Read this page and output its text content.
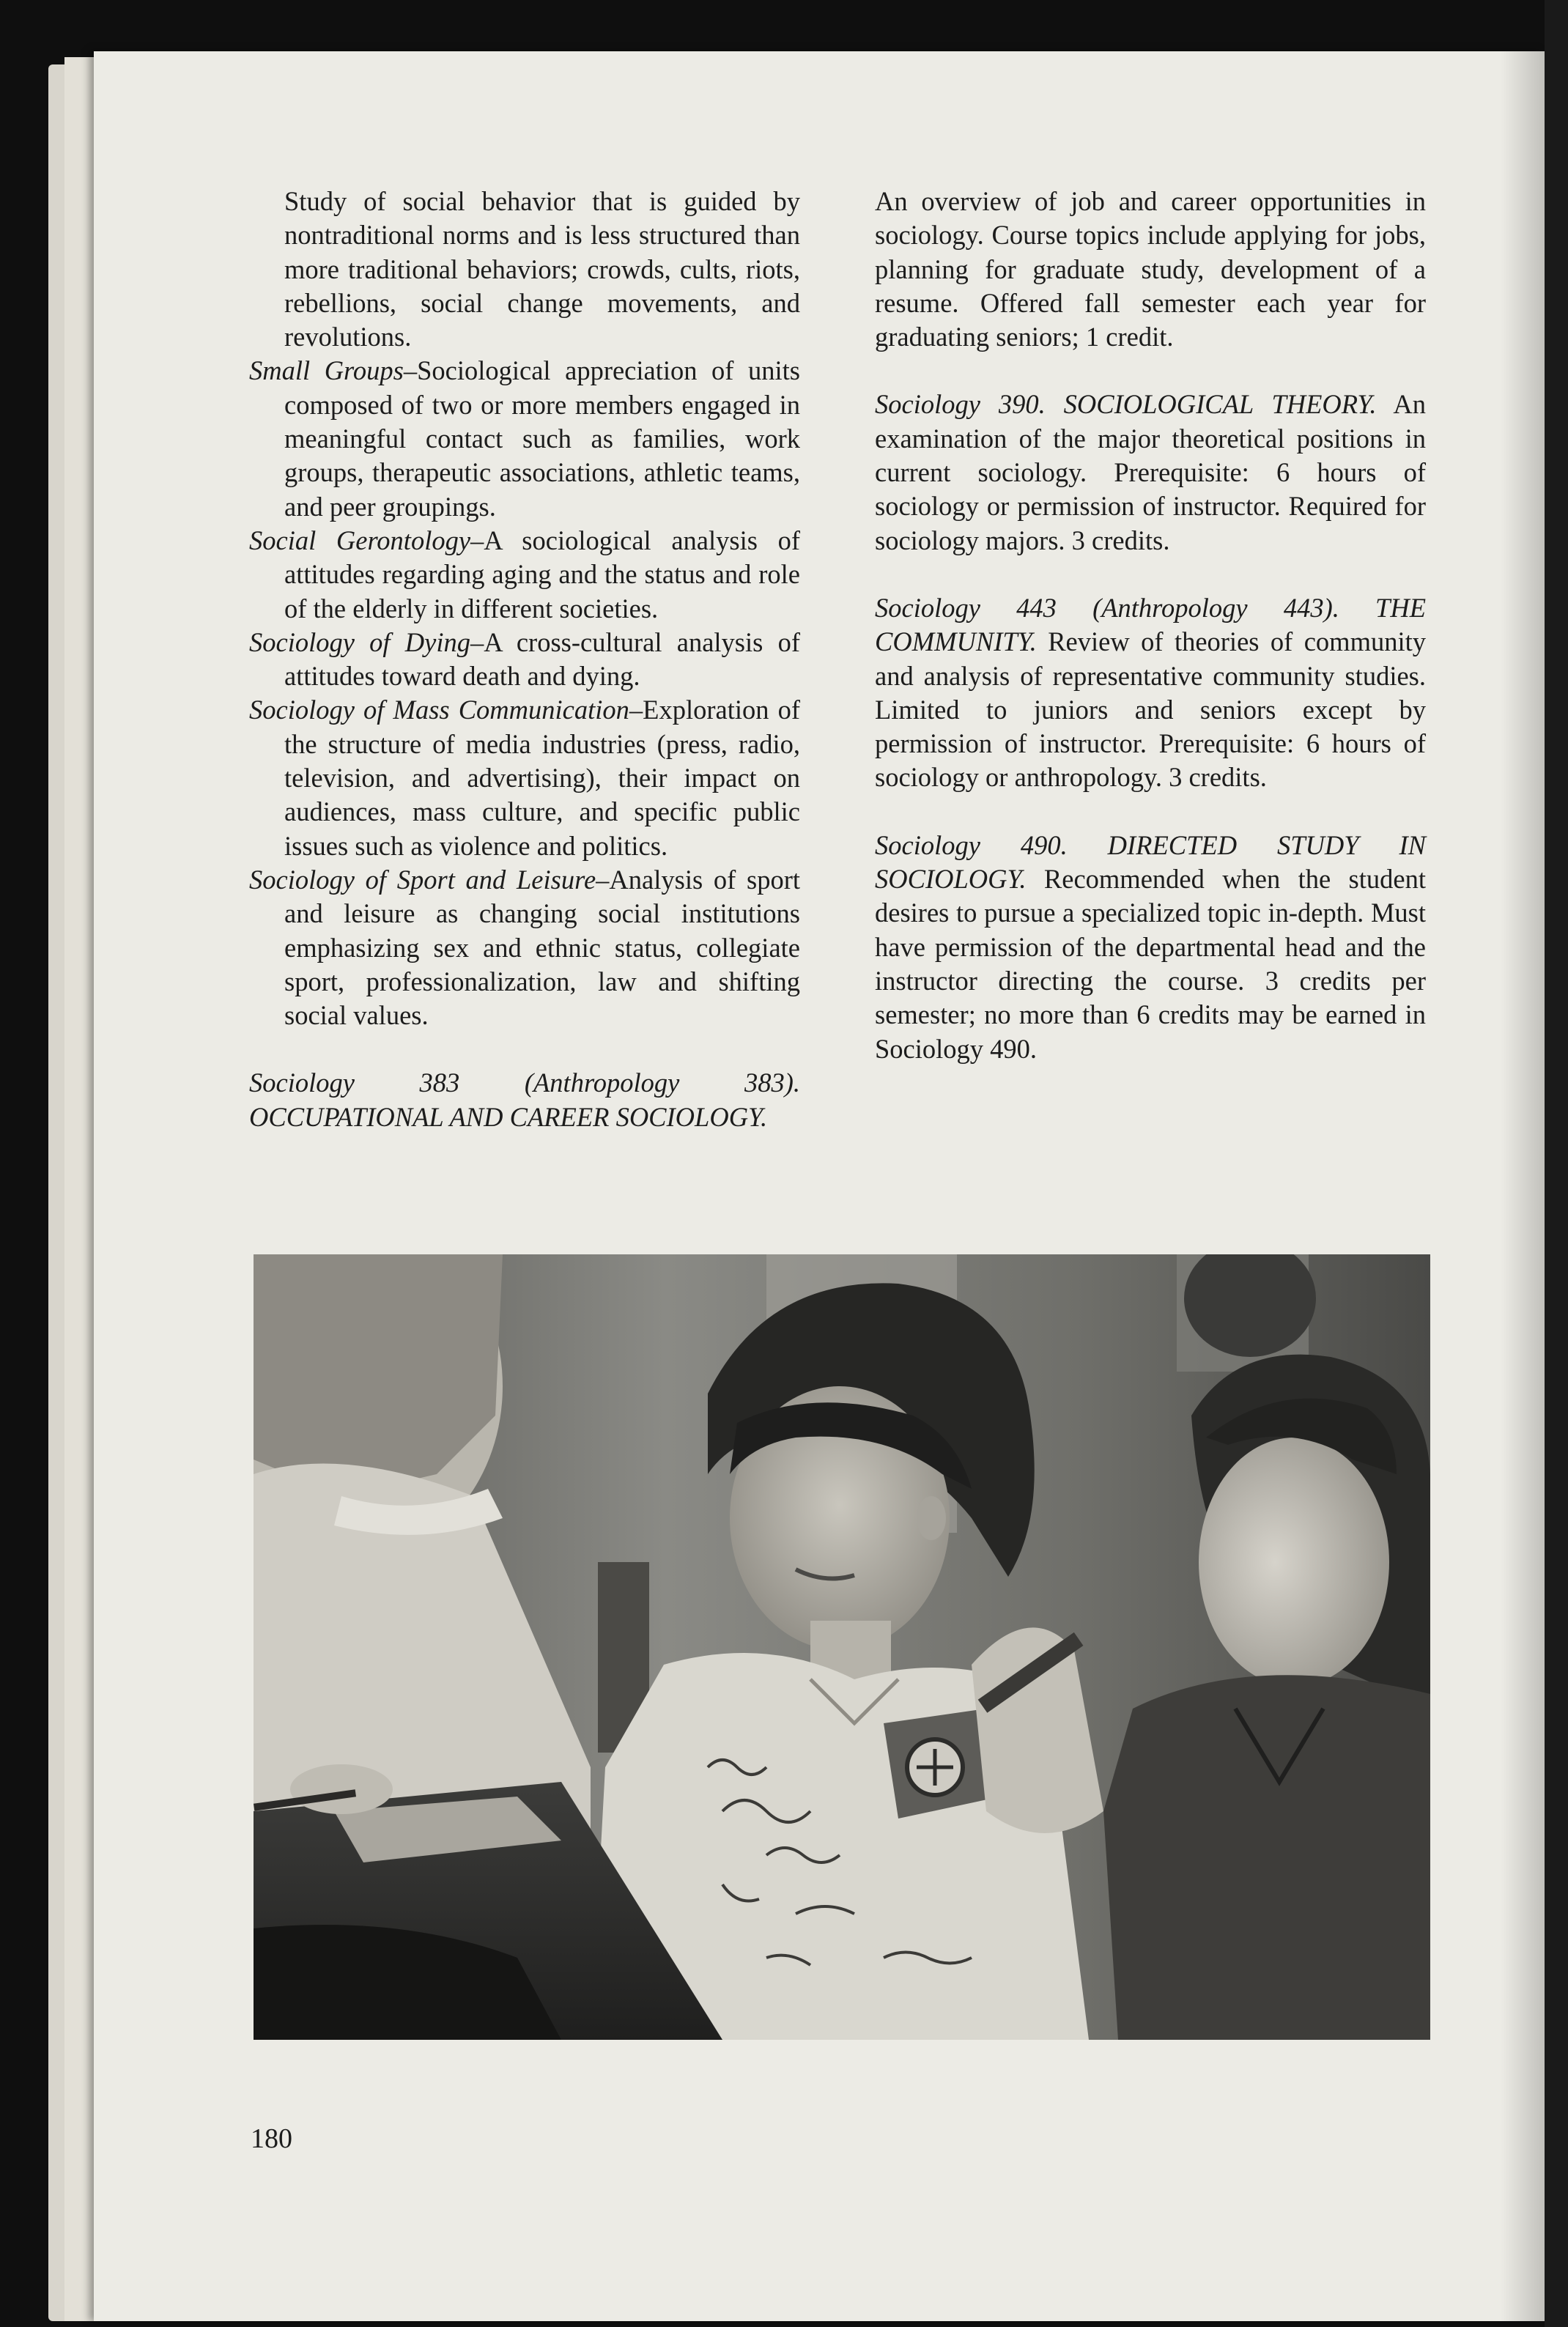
Study of social behavior that is guided by nontraditional norms and is less structured than more traditional behaviors; crowds, cults, riots, rebellions, social change movements, and revolutions.

Small Groups–Sociological appreciation of units composed of two or more members engaged in meaningful contact such as families, work groups, therapeutic associations, athletic teams, and peer groupings.

Social Gerontology–A sociological analysis of attitudes regarding aging and the status and role of the elderly in different societies.

Sociology of Dying–A cross-cultural analysis of attitudes toward death and dying.

Sociology of Mass Communication–Exploration of the structure of media industries (press, radio, television, and advertising), their impact on audiences, mass culture, and specific public issues such as violence and politics.

Sociology of Sport and Leisure–Analysis of sport and leisure as changing social institutions emphasizing sex and ethnic status, collegiate sport, professionalization, law and shifting social values.

Sociology 383 (Anthropology 383). OCCUPATIONAL AND CAREER SOCIOLOGY.

An overview of job and career opportunities in sociology. Course topics include applying for jobs, planning for graduate study, development of a resume. Offered fall semester each year for graduating seniors; 1 credit.

Sociology 390. SOCIOLOGICAL THEORY. An examination of the major theoretical positions in current sociology. Prerequisite: 6 hours of sociology or permission of instructor. Required for sociology majors. 3 credits.

Sociology 443 (Anthropology 443). THE COMMUNITY. Review of theories of community and analysis of representative community studies. Limited to juniors and seniors except by permission of instructor. Prerequisite: 6 hours of sociology or anthropology. 3 credits.

Sociology 490. DIRECTED STUDY IN SOCIOLOGY. Recommended when the student desires to pursue a specialized topic in-depth. Must have permission of the departmental head and the instructor directing the course. 3 credits per semester; no more than 6 credits may be earned in Sociology 490.

180
